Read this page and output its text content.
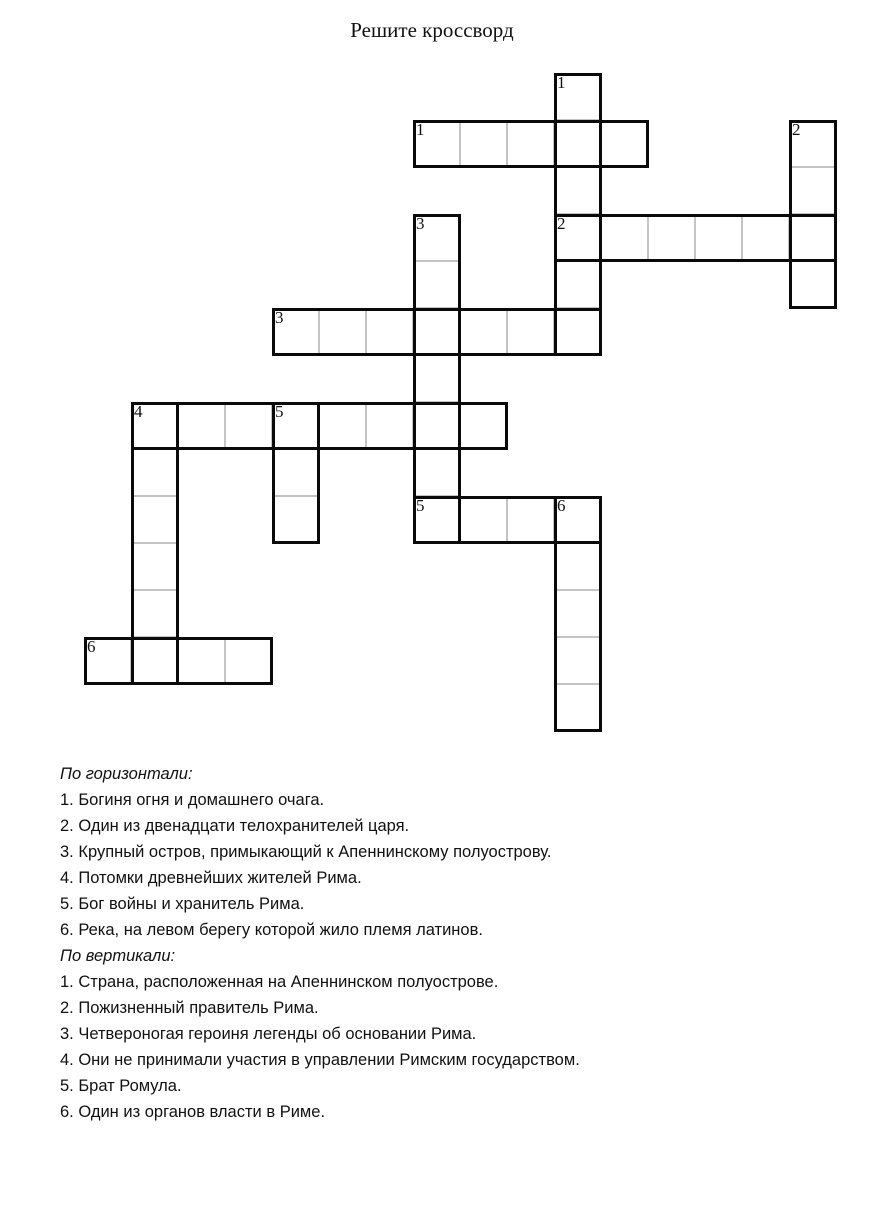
Решите кроссворд
1
2
3
4	5
5	6
6
1
2
3
По горизонтали:
1. Богиня огня и домашнего очага.
2. Один из двенадцати телохранителей царя.
3. Крупный остров, примыкающий к Апеннинскому полуострову.
4. Потомки древнейших жителей Рима.
5. Бог войны и хранитель Рима.
6. Река, на левом берегу которой жило племя латинов.
По вертикали:
1. Страна, расположенная на Апеннинском полуострове.
2. Пожизненный правитель Рима.
3. Четвероногая героиня легенды об основании Рима.
4. Они не принимали участия в управлении Римским государством.
5. Брат Ромула.
6. Один из органов власти в Риме.
